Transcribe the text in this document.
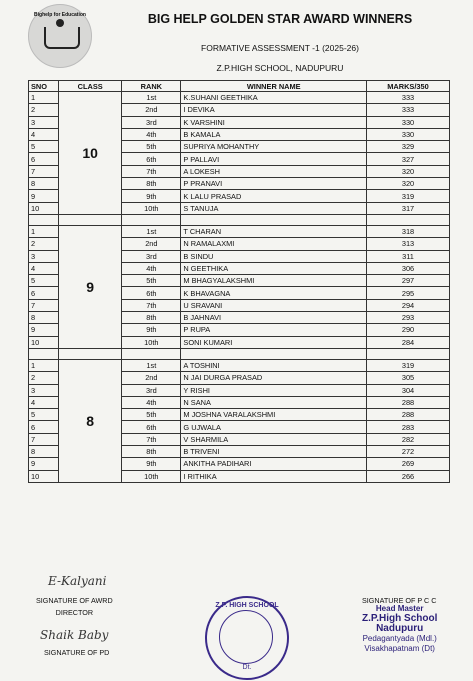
Bighelp for Education	BIG HELP GOLDEN STAR AWARD WINNERS
FORMATIVE ASSESSMENT -1 (2025-26)
Z.P.HIGH SCHOOL, NADUPURU
SNO	CLASS	RANK	WINNER NAME	MARKS/350
1	10	1st	K.SUHANI GEETHIKA	333
2		2nd	I DEVIKA	333
3		3rd	K VARSHINI	330
4		4th	B KAMALA	330
5		5th	SUPRIYA MOHANTHY	329
6		6th	P PALLAVI	327
7		7th	A LOKESH	320
8		8th	P PRANAVI	320
9		9th	K LALU PRASAD	319
10		10th	S TANUJA	317

1	9	1st	T CHARAN	318
2		2nd	N RAMALAXMI	313
3		3rd	B SINDU	311
4		4th	N GEETHIKA	306
5		5th	M BHAGYALAKSHMI	297
6		6th	K BHAVAGNA	295
7		7th	U SRAVANI	294
8		8th	B JAHNAVI	293
9		9th	P RUPA	290
10		10th	SONI KUMARI	284

1	8	1st	A TOSHINI	319
2		2nd	N JAI DURGA PRASAD	305
3		3rd	Y RISHI	304
4		4th	N SANA	288
5		5th	M JOSHNA VARALAKSHMI	288
6		6th	G UJWALA	283
7		7th	V SHARMILA	282
8		8th	B TRIVENI	272
9		9th	ANKITHA PADIHARI	269
10		10th	I RITHIKA	266
E-Kalyani
SIGNATURE OF AWRD
DIRECTOR
Shaik Baby
SIGNATURE OF PD
Z.P. HIGH SCHOOL
Dt.
SIGNATURE OF P C C
Head Master
Z.P.High School
Nadupuru
Pedagantyada (Mdl.)
Visakhapatnam (Dt)
